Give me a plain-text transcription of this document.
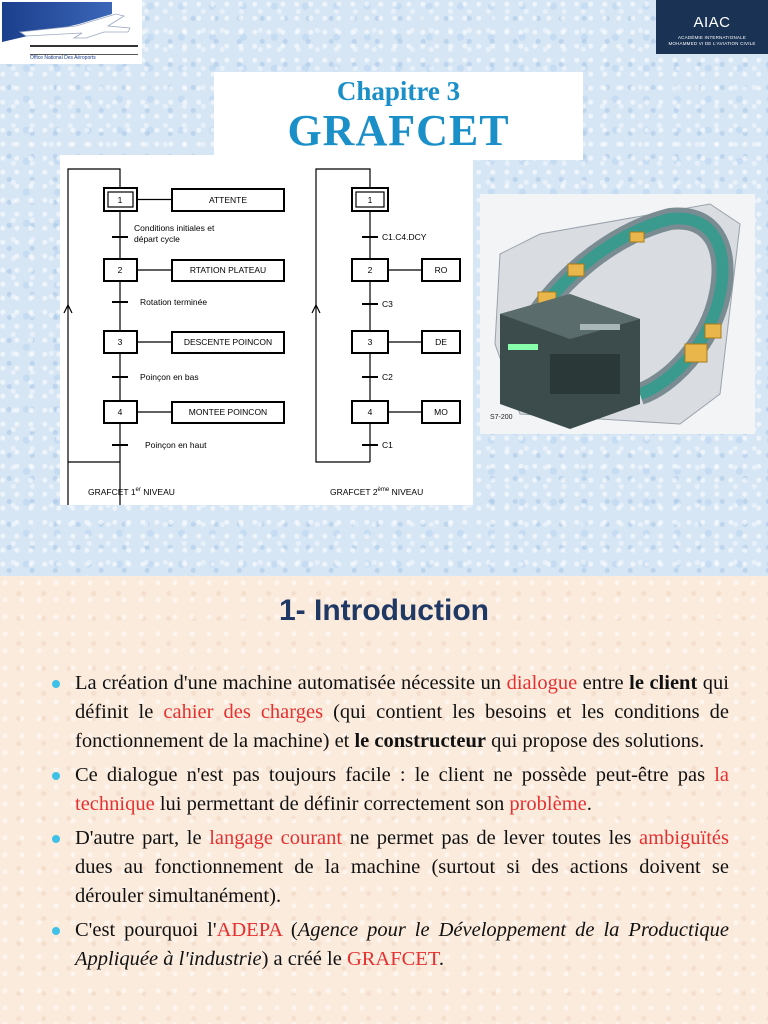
Office National Des Aéroports
AIAC
ACADÉMIE INTERNATIONALE
MOHAMMED VI DE L'AVIATION CIVILE
Chapitre 3
GRAFCET
1
2
3
4
ATTENTE
RTATION PLATEAU
DESCENTE POINCON
MONTEE POINCON
Conditions initiales et
départ cycle
Rotation terminée
Poinçon en bas
Poinçon en haut
GRAFCET 1er NIVEAU
1
2
3
4
RO
DE
MO
C1.C4.DCY
C3
C2
C1
GRAFCET 2ème NIVEAU
S7-200
1- Introduction
La création d'une machine automatisée nécessite un dialogue entre le client qui définit le cahier des charges (qui contient les besoins et les conditions de fonctionnement de la machine) et le constructeur qui propose des solutions.
Ce dialogue n'est pas toujours facile : le client ne possède peut-être pas la technique lui permettant de définir correctement son problème.
D'autre part, le langage courant ne permet pas de lever toutes les ambiguïtés dues au fonctionnement de la machine (surtout si des actions doivent se dérouler simultanément).
C'est pourquoi l'ADEPA (Agence pour le Développement de la Productique Appliquée à l'industrie) a créé le GRAFCET.
